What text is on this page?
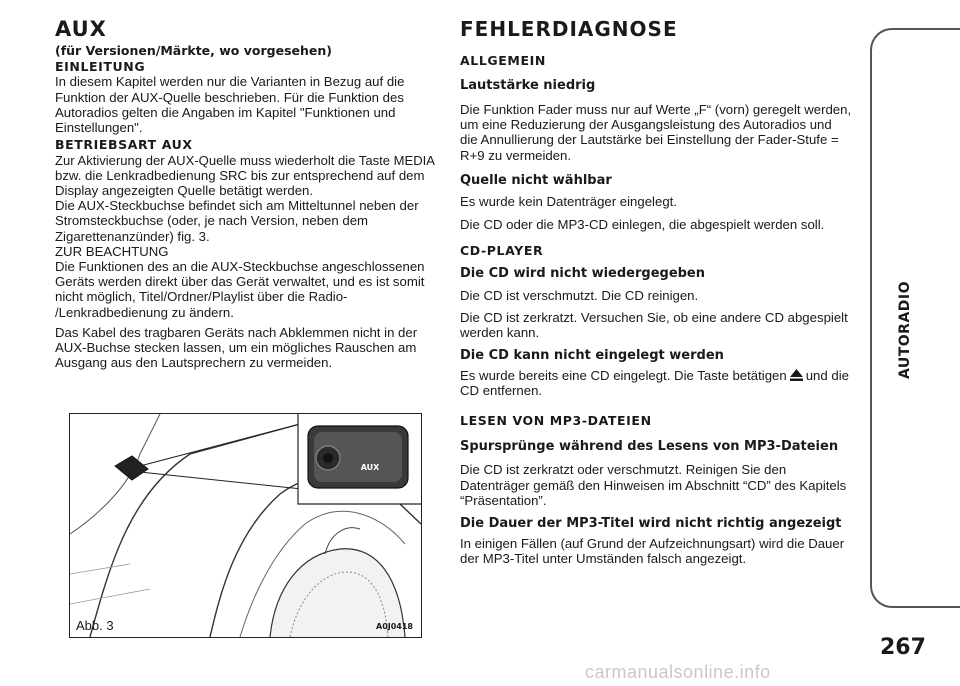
AUX
(für Versionen/Märkte, wo vorgesehen)
EINLEITUNG

In diesem Kapitel werden nur die Varianten in Bezug auf die

Funktion der AUX-Quelle beschrieben. Für die Funktion des

Autoradios gelten die Angaben im Kapitel "Funktionen und

Einstellungen".

BETRIEBSART AUX

Zur Aktivierung der AUX-Quelle muss wiederholt die Taste MEDIA

bzw. die Lenkradbedienung SRC bis zur entsprechend auf dem

Display angezeigten Quelle betätigt werden.

Die AUX-Steckbuchse befindet sich am Mitteltunnel neben der

Stromsteckbuchse (oder, je nach Version, neben dem

Zigarettenanzünder) fig. 3.

ZUR BEACHTUNG

Die Funktionen des an die AUX-Steckbuchse angeschlossenen

Geräts werden direkt über das Gerät verwaltet, und es ist somit

nicht möglich, Titel/Ordner/Playlist über die Radio-

/Lenkradbedienung zu ändern.

Das Kabel des tragbaren Geräts nach Abklemmen nicht in der

AUX-Buchse stecken lassen, um ein mögliches Rauschen am

Ausgang aus den Lautsprechern zu vermeiden.

AUX
Abb. 3	A0J0418
FEHLERDIAGNOSE
ALLGEMEIN
Lautstärke niedrig

Die Funktion Fader muss nur auf Werte „F“ (vorn) geregelt werden,

um eine Reduzierung der Ausgangsleistung des Autoradios und

die Annullierung der Lautstärke bei Einstellung der Fader-Stufe =

R+9 zu vermeiden.

Quelle nicht wählbar

Es wurde kein Datenträger eingelegt.

Die CD oder die MP3-CD einlegen, die abgespielt werden soll.

CD-PLAYER
Die CD wird nicht wiedergegeben

Die CD ist verschmutzt. Die CD reinigen.

Die CD ist zerkratzt. Versuchen Sie, ob eine andere CD abgespielt

werden kann.

Die CD kann nicht eingelegt werden

Es wurde bereits eine CD eingelegt. Die Taste betätigen und die

CD entfernen.

LESEN VON MP3-DATEIEN
Spursprünge während des Lesens von MP3-Dateien

Die CD ist zerkratzt oder verschmutzt. Reinigen Sie den

Datenträger gemäß den Hinweisen im Abschnitt “CD” des Kapitels

“Präsentation”.

Die Dauer der MP3-Titel wird nicht richtig angezeigt

In einigen Fällen (auf Grund der Aufzeichnungsart) wird die Dauer

der MP3-Titel unter Umständen falsch angezeigt.

AUTORADIO
267
carmanualsonline.info
